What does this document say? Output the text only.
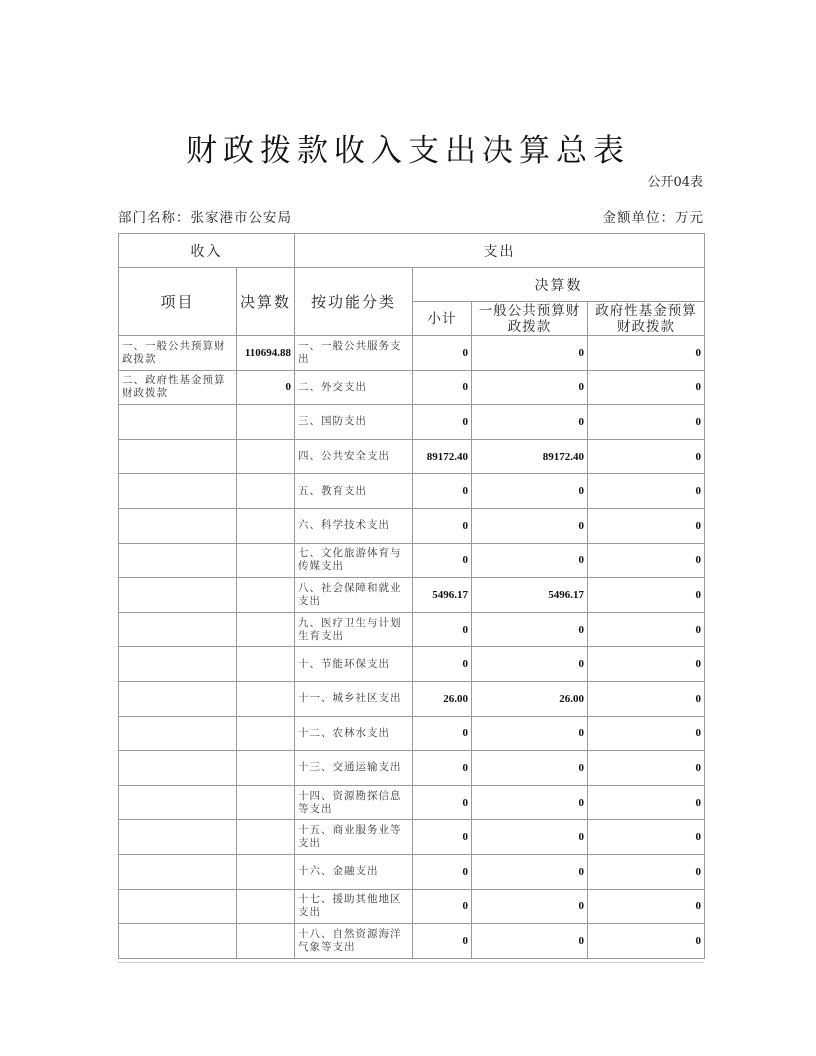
财政拨款收入支出决算总表
公开04表
部门名称：张家港市公安局	金额单位：万元
收入		支出			
项目	决算数	按功能分类	决算数		
			小计	一般公共预算财政拨款	政府性基金预算财政拨款
一、一般公共预算财政拨款	110694.88	一、一般公共服务支出	0	0	0
二、政府性基金预算财政拨款	0	二、外交支出	0	0	0
		三、国防支出	0	0	0
		四、公共安全支出	89172.40	89172.40	0
		五、教育支出	0	0	0
		六、科学技术支出	0	0	0
		七、文化旅游体育与传媒支出	0	0	0
		八、社会保障和就业支出	5496.17	5496.17	0
		九、医疗卫生与计划生育支出	0	0	0
		十、节能环保支出	0	0	0
		十一、城乡社区支出	26.00	26.00	0
		十二、农林水支出	0	0	0
		十三、交通运输支出	0	0	0
		十四、资源勘探信息等支出	0	0	0
		十五、商业服务业等支出	0	0	0
		十六、金融支出	0	0	0
		十七、援助其他地区支出	0	0	0
		十八、自然资源海洋气象等支出	0	0	0
